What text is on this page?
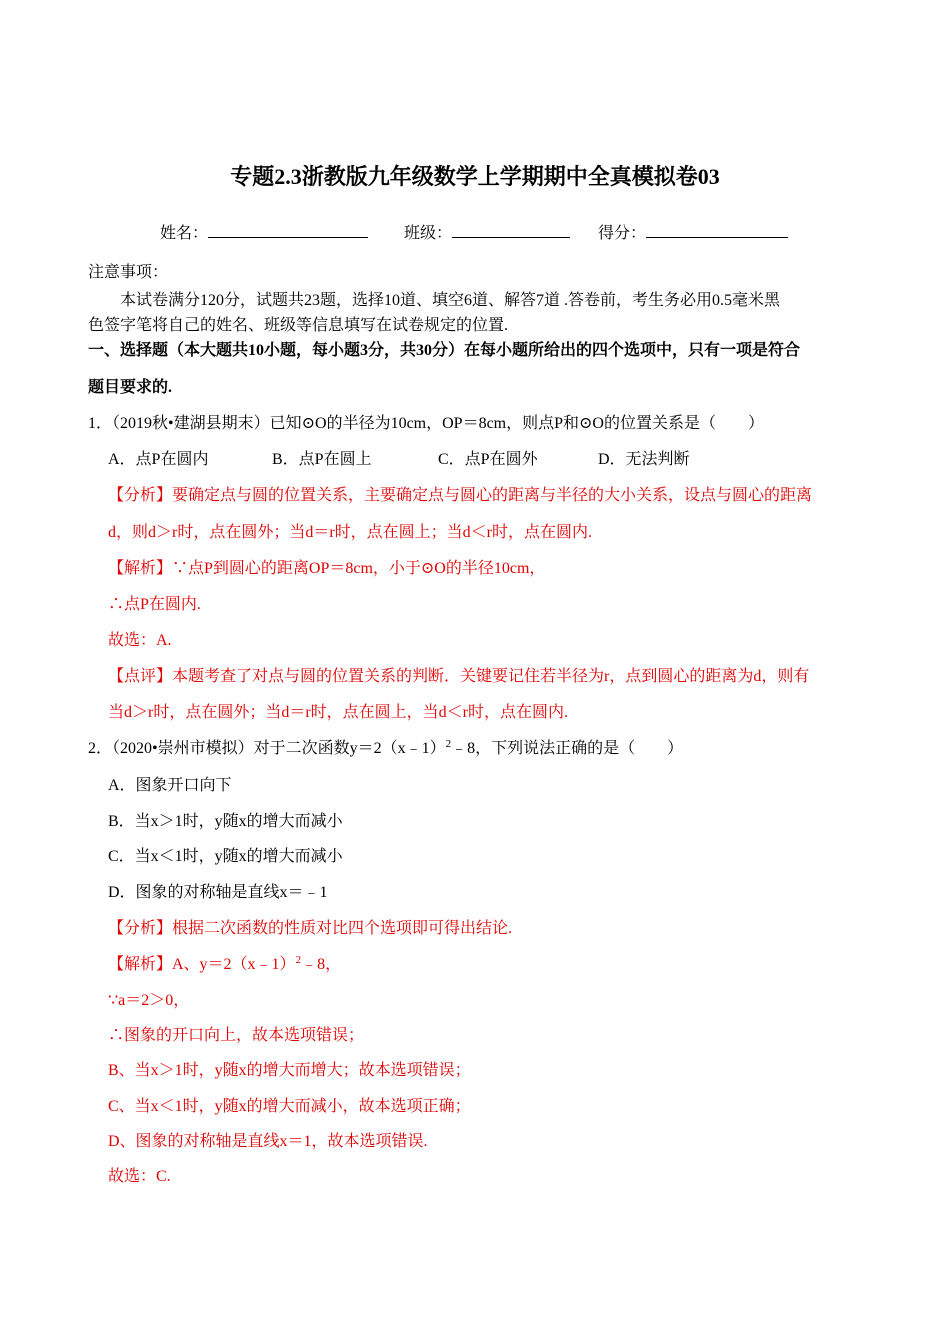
专题2.3浙教版九年级数学上学期期中全真模拟卷03
姓名：	班级：	得分：
注意事项：
本试卷满分120分，试题共23题，选择10道、填空6道、解答7道 .答卷前，考生务必用0.5毫米黑
色签字笔将自己的姓名、班级等信息填写在试卷规定的位置.
一、选择题（本大题共10小题，每小题3分，共30分）在每小题所给出的四个选项中，只有一项是符合
题目要求的.
1．（2019秋•建湖县期末）已知⊙O的半径为10cm，OP＝8cm，则点P和⊙O的位置关系是（　　）
A．点P在圆内	B．点P在圆上	C．点P在圆外	D．无法判断
【分析】要确定点与圆的位置关系，主要确定点与圆心的距离与半径的大小关系，设点与圆心的距离
d，则d＞r时，点在圆外；当d＝r时，点在圆上；当d＜r时，点在圆内.
【解析】∵点P到圆心的距离OP＝8cm，小于⊙O的半径10cm，
∴点P在圆内.
故选：A.
【点评】本题考查了对点与圆的位置关系的判断．关键要记住若半径为r，点到圆心的距离为d，则有
当d＞r时，点在圆外；当d＝r时，点在圆上，当d＜r时，点在圆内.
2．（2020•崇州市模拟）对于二次函数y＝2（x﹣1）$^2$﹣8，下列说法正确的是（　　）
A．图象开口向下
B．当x＞1时，y随x的增大而减小
C．当x＜1时，y随x的增大而减小
D．图象的对称轴是直线x＝﹣1
【分析】根据二次函数的性质对比四个选项即可得出结论.
【解析】A、y＝2（x﹣1）$^2$﹣8，
∵a＝2＞0，
∴图象的开口向上，故本选项错误；
B、当x＞1时，y随x的增大而增大；故本选项错误；
C、当x＜1时，y随x的增大而减小，故本选项正确；
D、图象的对称轴是直线x＝1，故本选项错误.
故选：C.
